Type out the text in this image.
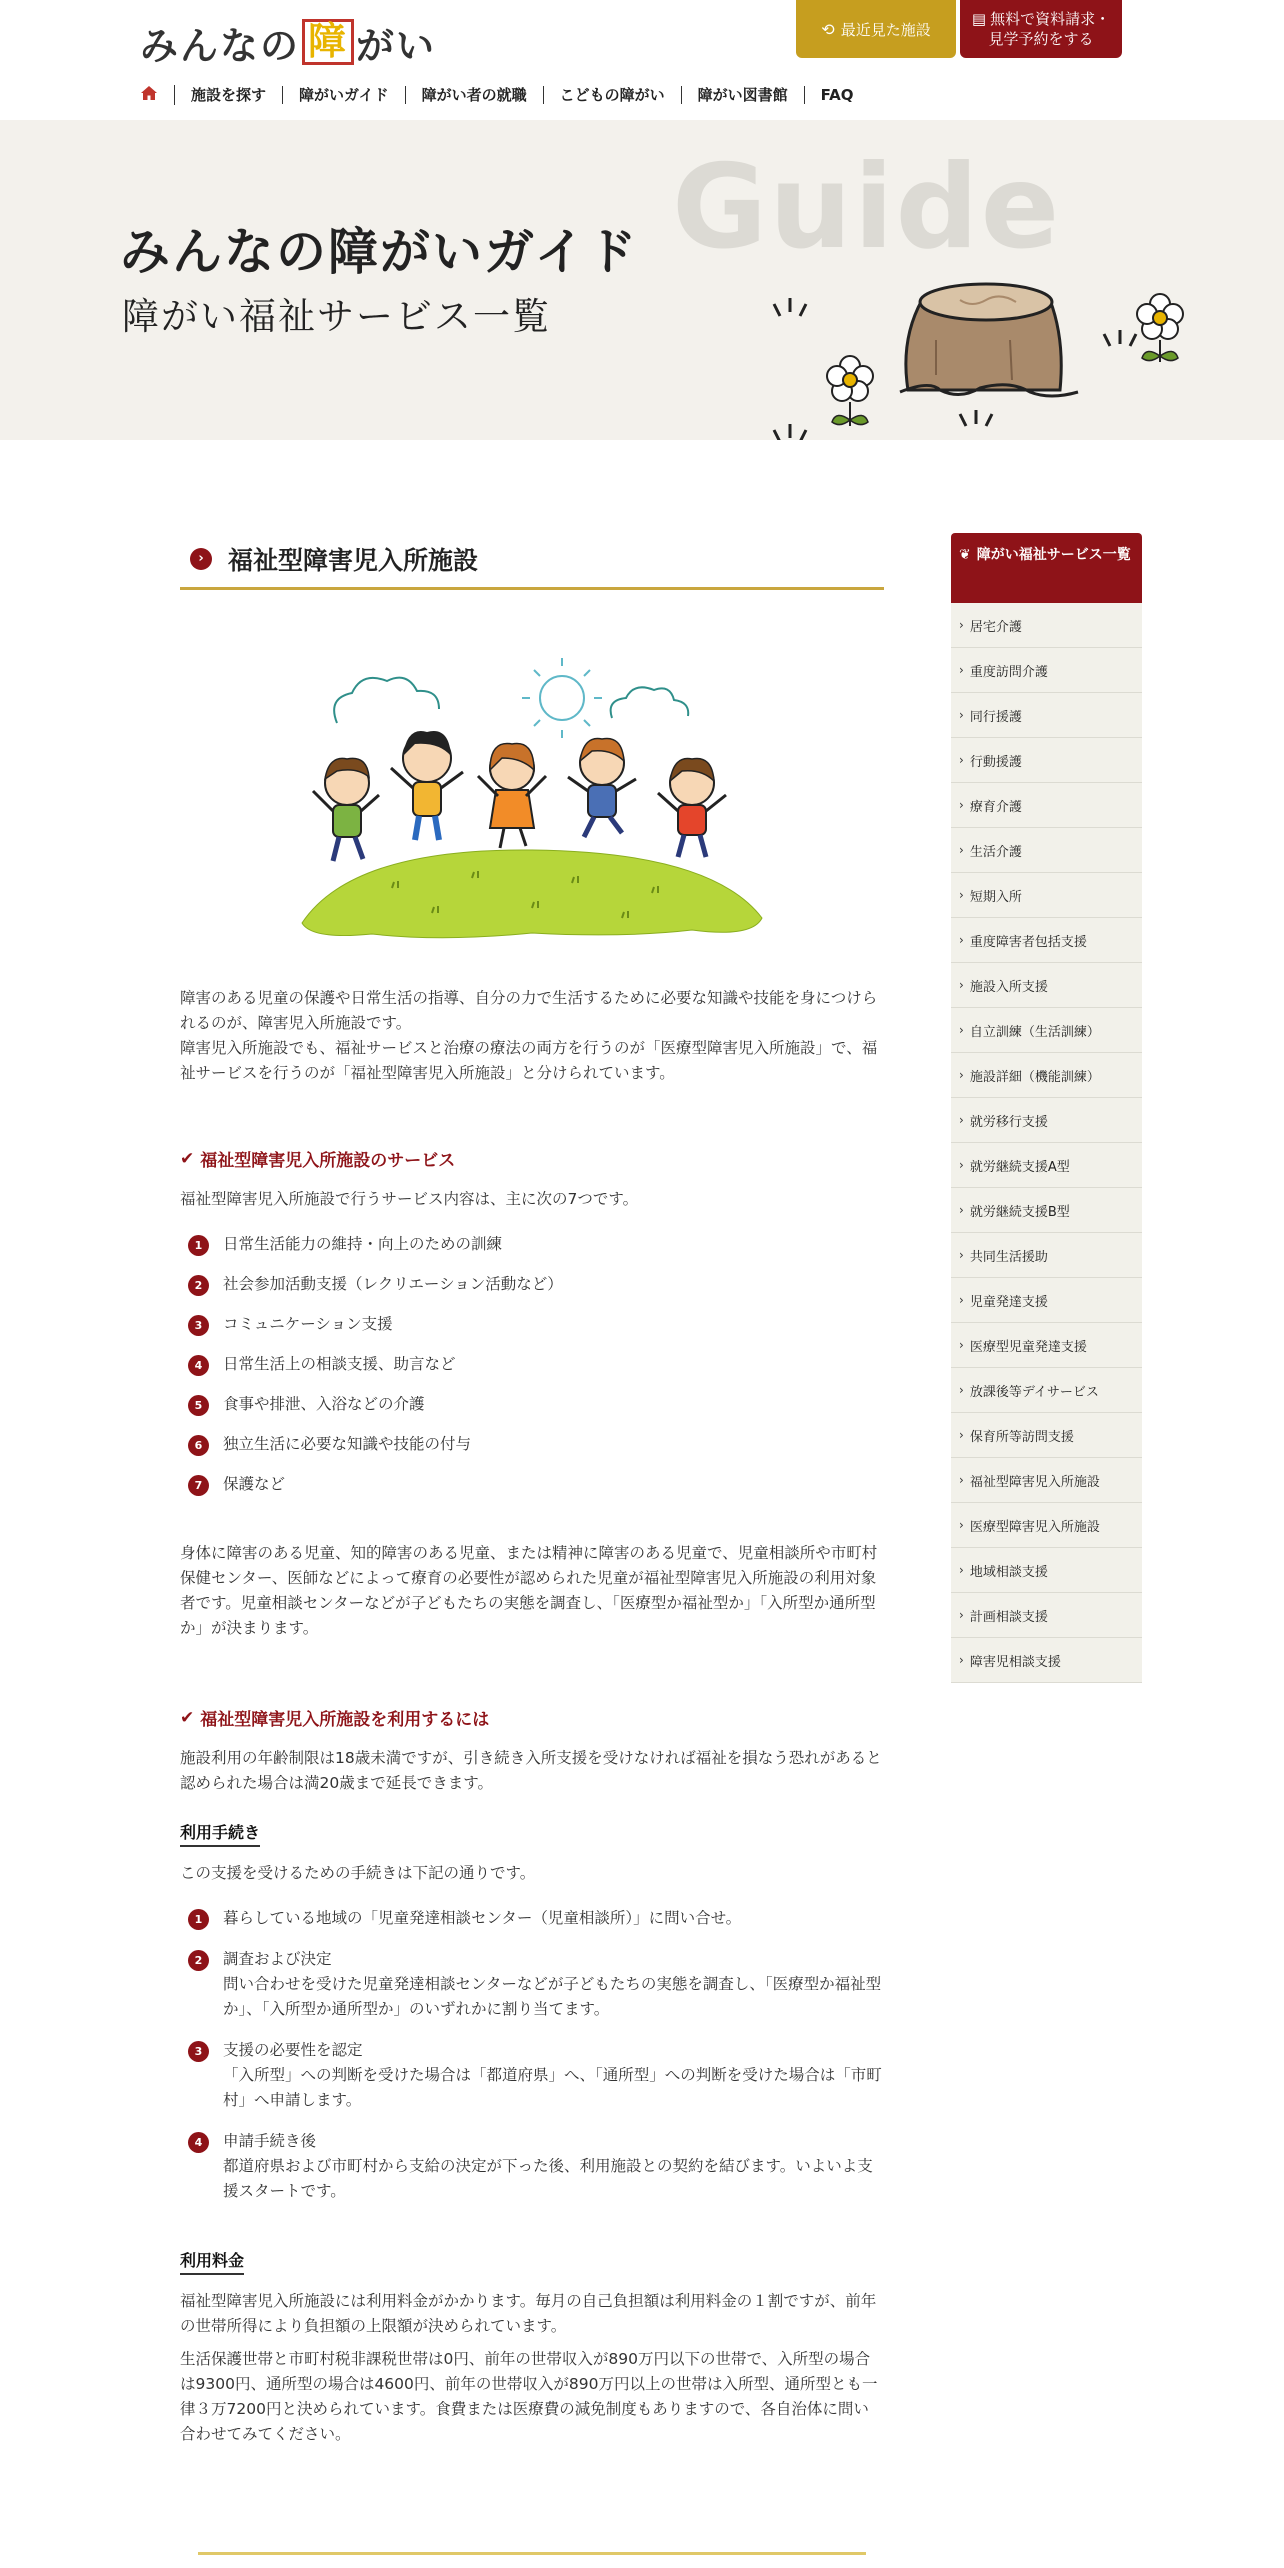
みんなの 障 がい	⟲ 最近見た施設
▤ 無料で資料請求・見学予約をする
施設を探す	障がいガイド	障がい者の就職	こどもの障がい	障がい図書館	FAQ
Guide
みんなの障がいガイド
障がい福祉サービス一覧
› 福祉型障害児入所施設

障害のある児童の保護や日常生活の指導、自分の力で生活するために必要な知識や技能を身につけられるのが、障害児入所施設です。

障害児入所施設でも、福祉サービスと治療の療法の両方を行うのが「医療型障害児入所施設」で、福祉サービスを行うのが「福祉型障害児入所施設」と分けられています。

✔ 福祉型障害児入所施設のサービス

福祉型障害児入所施設で行うサービス内容は、主に次の7つです。

1	日常生活能力の維持・向上のための訓練
2	社会参加活動支援（レクリエーション活動など）
3	コミュニケーション支援
4	日常生活上の相談支援、助言など
5	食事や排泄、入浴などの介護
6	独立生活に必要な知識や技能の付与
7	保護など

身体に障害のある児童、知的障害のある児童、または精神に障害のある児童で、児童相談所や市町村保健センター、医師などによって療育の必要性が認められた児童が福祉型障害児入所施設の利用対象者です。児童相談センターなどが子どもたちの実態を調査し、「医療型か福祉型か」「入所型か通所型か」が決まります。

✔ 福祉型障害児入所施設を利用するには

施設利用の年齢制限は18歳未満ですが、引き続き入所支援を受けなければ福祉を損なう恐れがあると認められた場合は満20歳まで延長できます。

利用手続き

この支援を受けるための手続きは下記の通りです。

1	暮らしている地域の「児童発達相談センター（児童相談所）」に問い合せ。
2	調査および決定
問い合わせを受けた児童発達相談センターなどが子どもたちの実態を調査し、「医療型か福祉型か」、「入所型か通所型か」のいずれかに割り当てます。
3	支援の必要性を認定
「入所型」への判断を受けた場合は「都道府県」へ、「通所型」への判断を受けた場合は「市町村」へ申請します。
4	申請手続き後
都道府県および市町村から支給の決定が下った後、利用施設との契約を結びます。いよいよ支援スタートです。
利用料金

福祉型障害児入所施設には利用料金がかかります。毎月の自己負担額は利用料金の１割ですが、前年の世帯所得により負担額の上限額が決められています。

生活保護世帯と市町村税非課税世帯は0円、前年の世帯収入が890万円以下の世帯で、入所型の場合は9300円、通所型の場合は4600円、前年の世帯収入が890万円以上の世帯は入所型、通所型とも一律３万7200円と決められています。食費または医療費の減免制度もありますので、各自治体に問い合わせてみてください。

❦ 障がい福祉サービス一覧
› 居宅介護
› 重度訪問介護
› 同行援護
› 行動援護
› 療育介護
› 生活介護
› 短期入所
› 重度障害者包括支援
› 施設入所支援
› 自立訓練（生活訓練）
› 施設詳細（機能訓練）
› 就労移行支援
› 就労継続支援A型
› 就労継続支援B型
› 共同生活援助
› 児童発達支援
› 医療型児童発達支援
› 放課後等デイサービス
› 保育所等訪問支援
› 福祉型障害児入所施設
› 医療型障害児入所施設
› 地域相談支援
› 計画相談支援
› 障害児相談支援
